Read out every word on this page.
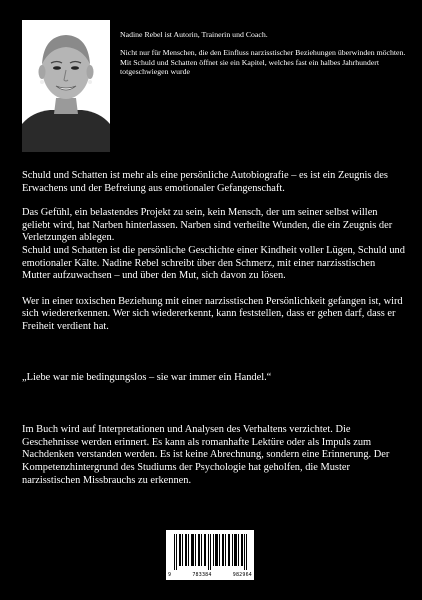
Nadine Rebel ist Autorin, Trainerin und Coach.

Nicht nur für Menschen, die den Einfluss narzisstischer Beziehungen überwinden möchten. Mit Schuld und Schatten öffnet sie ein Kapitel, welches fast ein halbes Jahrhundert totgeschwiegen wurde

Schuld und Schatten ist mehr als eine persönliche Autobiografie – es ist ein Zeugnis des Erwachens und der Befreiung aus emotionaler Gefangenschaft.

Das Gefühl, ein belastendes Projekt zu sein, kein Mensch, der um seiner selbst willen geliebt wird, hat Narben hinterlassen. Narben sind verheilte Wunden, die ein Zeugnis der Verletzungen ablegen.

Schuld und Schatten ist die persönliche Geschichte einer Kindheit voller Lügen, Schuld und emotionaler Kälte. Nadine Rebel schreibt über den Schmerz, mit einer narzisstischen Mutter aufzuwachsen – und über den Mut, sich davon zu lösen.

Wer in einer toxischen Beziehung mit einer narzisstischen Persönlichkeit gefangen ist, wird sich wiedererkennen. Wer sich wiedererkennt, kann feststellen, dass er gehen darf, dass er Freiheit verdient hat.

„Liebe war nie bedingungslos – sie war immer ein Handel.“

Im Buch wird auf Interpretationen und Analysen des Verhaltens verzichtet. Die Geschehnisse werden erinnert. Es kann als romanhafte Lektüre oder als Impuls zum Nachdenken verstanden werden. Es ist keine Abrechnung, sondern eine Erinnerung. Der Kompetenzhintergrund des Studiums der Psychologie hat geholfen, die Muster narzisstischen Missbrauchs zu erkennen.

9	783384	982964
